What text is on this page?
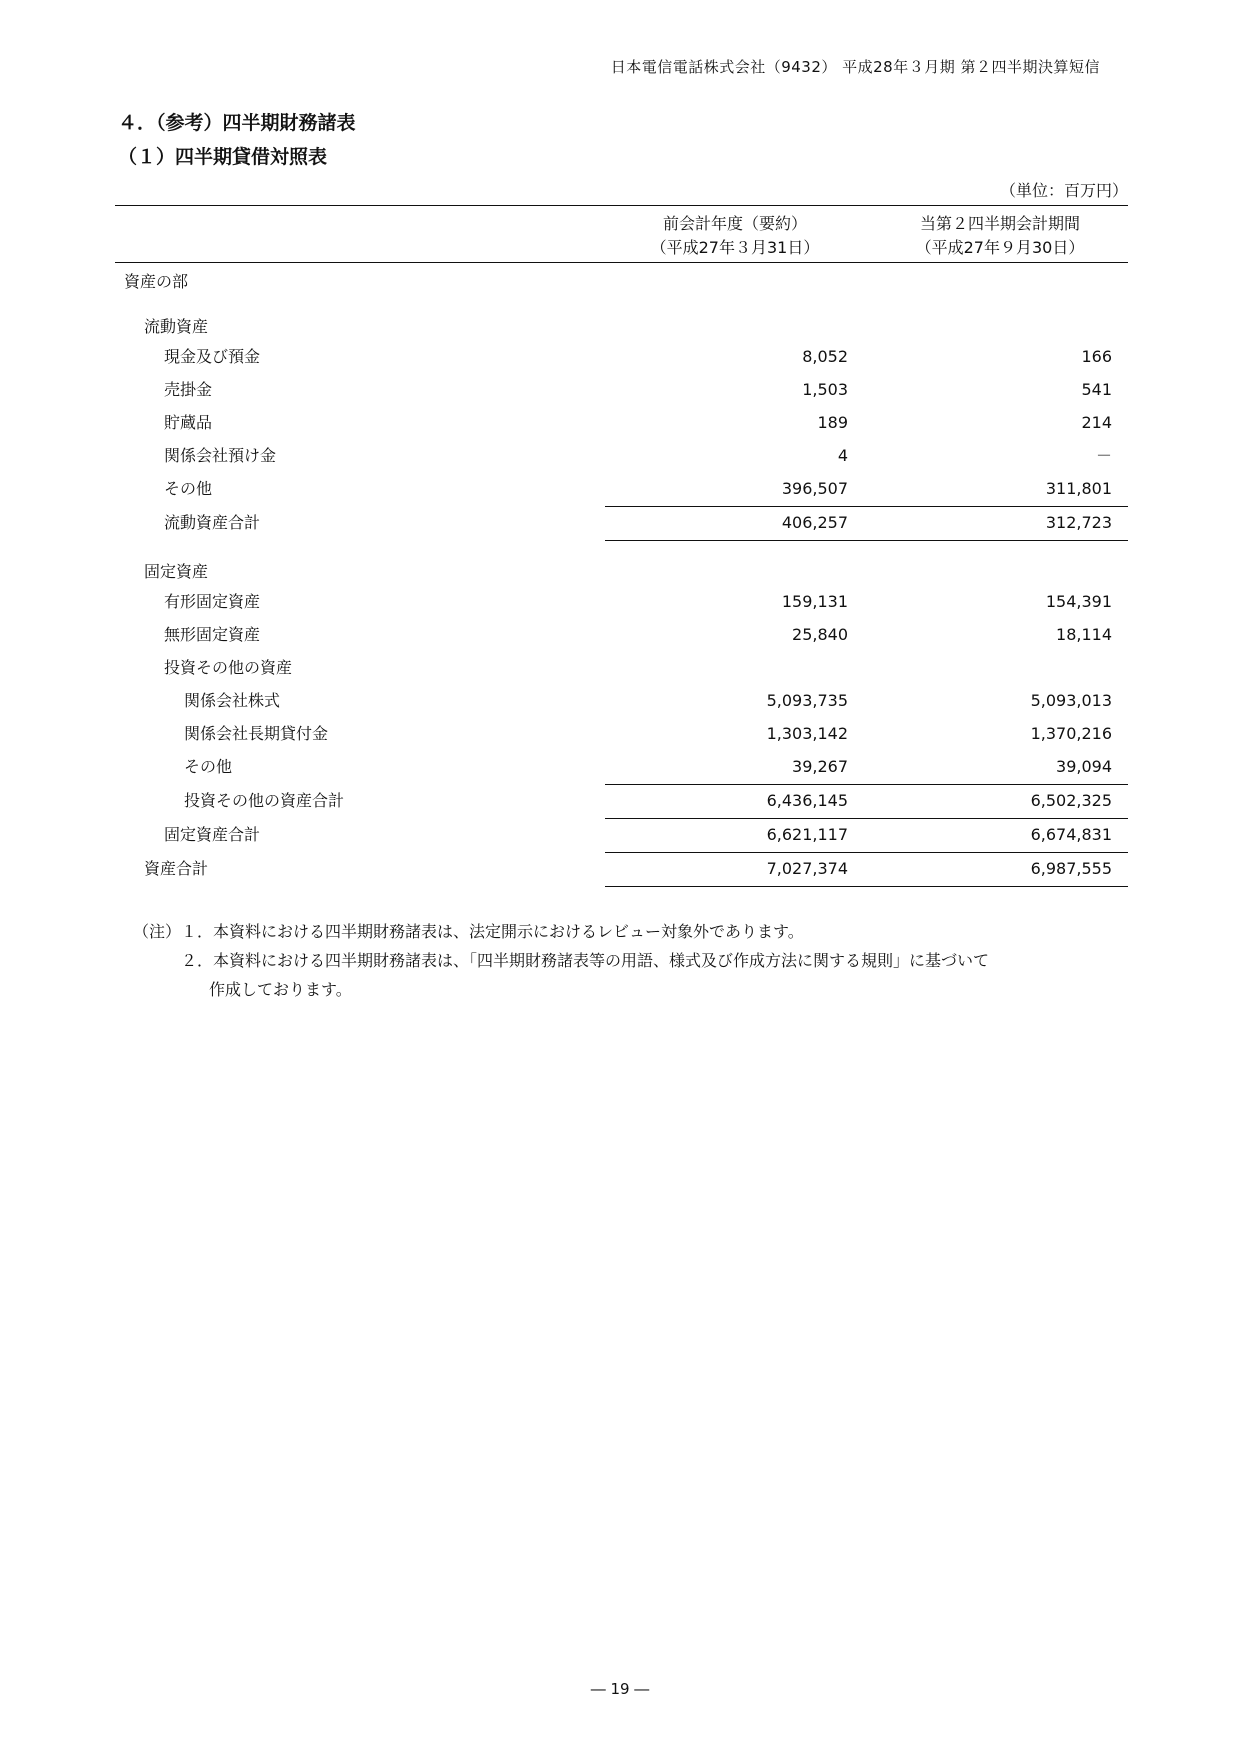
日本電信電話株式会社（9432） 平成28年３月期 第２四半期決算短信
４．（参考）四半期財務諸表
（１）四半期貸借対照表
（単位：百万円）
前会計年度（要約）
（平成27年３月31日）
当第２四半期会計期間
（平成27年９月30日）
資産の部
流動資産
現金及び預金	8,052	166
売掛金	1,503	541
貯蔵品	189	214
関係会社預け金	4	－
その他	396,507	311,801
流動資産合計	406,257	312,723
固定資産
有形固定資産	159,131	154,391
無形固定資産	25,840	18,114
投資その他の資産
関係会社株式	5,093,735	5,093,013
関係会社長期貸付金	1,303,142	1,370,216
その他	39,267	39,094
投資その他の資産合計	6,436,145	6,502,325
固定資産合計	6,621,117	6,674,831
資産合計	7,027,374	6,987,555
（注） １．本資料における四半期財務諸表は、法定開示におけるレビュー対象外であります。
２．本資料における四半期財務諸表は、「四半期財務諸表等の用語、様式及び作成方法に関する規則」に基づいて
作成しております。
― 19 ―
